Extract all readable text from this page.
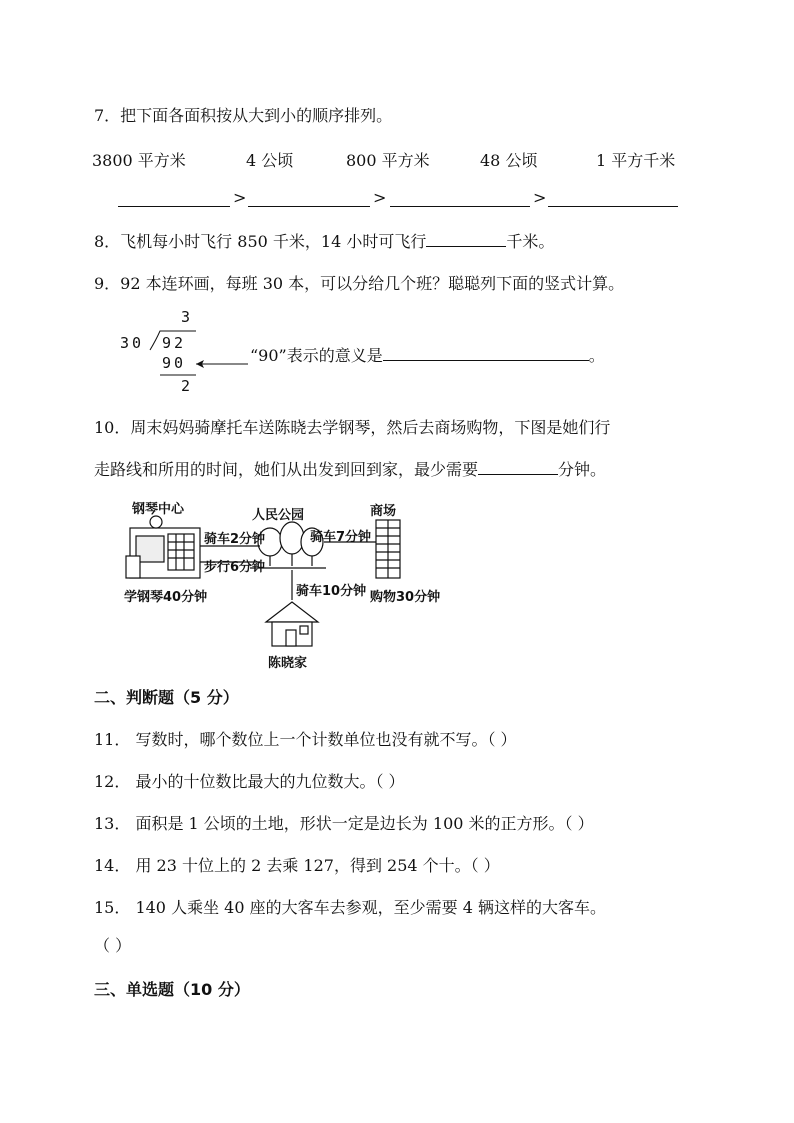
7．把下面各面积按从大到小的顺序排列。
3800 平方米	4 公顷	800 平方米	48 公顷	1 平方千米
>	>	>
8．飞机每小时飞行 850 千米，14 小时可飞行	千米。
9．92 本连环画，每班 30 本，可以分给几个班？聪聪列下面的竖式计算。
3
30 92
90
2
“90”表示的意义是	。
10．周末妈妈骑摩托车送陈晓去学钢琴，然后去商场购物，下图是她们行
走路线和所用的时间，她们从出发到回到家，最少需要	分钟。
钢琴中心	人民公园	商场
骑车2分钟
步行6分钟
骑车7分钟
骑车10分钟
学钢琴40分钟	购物30分钟
陈晓家
二、判断题（5 分）
11． 写数时，哪个数位上一个计数单位也没有就不写。（ ）
12． 最小的十位数比最大的九位数大。（ ）
13． 面积是 1 公顷的土地，形状一定是边长为 100 米的正方形。（ ）
14． 用 23 十位上的 2 去乘 127，得到 254 个十。（ ）
15． 140 人乘坐 40 座的大客车去参观，至少需要 4 辆这样的大客车。
（ ）
三、单选题（10 分）
